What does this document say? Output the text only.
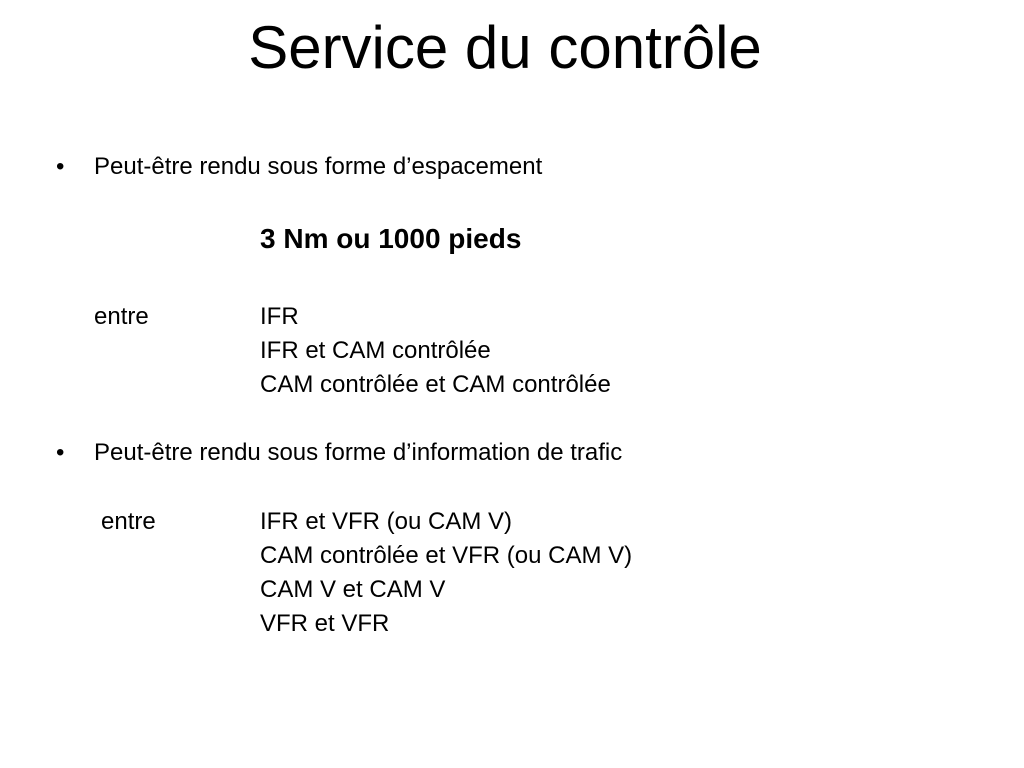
Service du contrôle
•	Peut-être rendu sous forme d’espacement
3 Nm ou 1000 pieds
entre	IFR
IFR et CAM contrôlée
CAM contrôlée et CAM contrôlée
•	Peut-être rendu sous forme d’information de trafic
entre	IFR et VFR (ou CAM V)
CAM contrôlée et VFR (ou CAM V)
CAM V et CAM V
VFR et VFR
